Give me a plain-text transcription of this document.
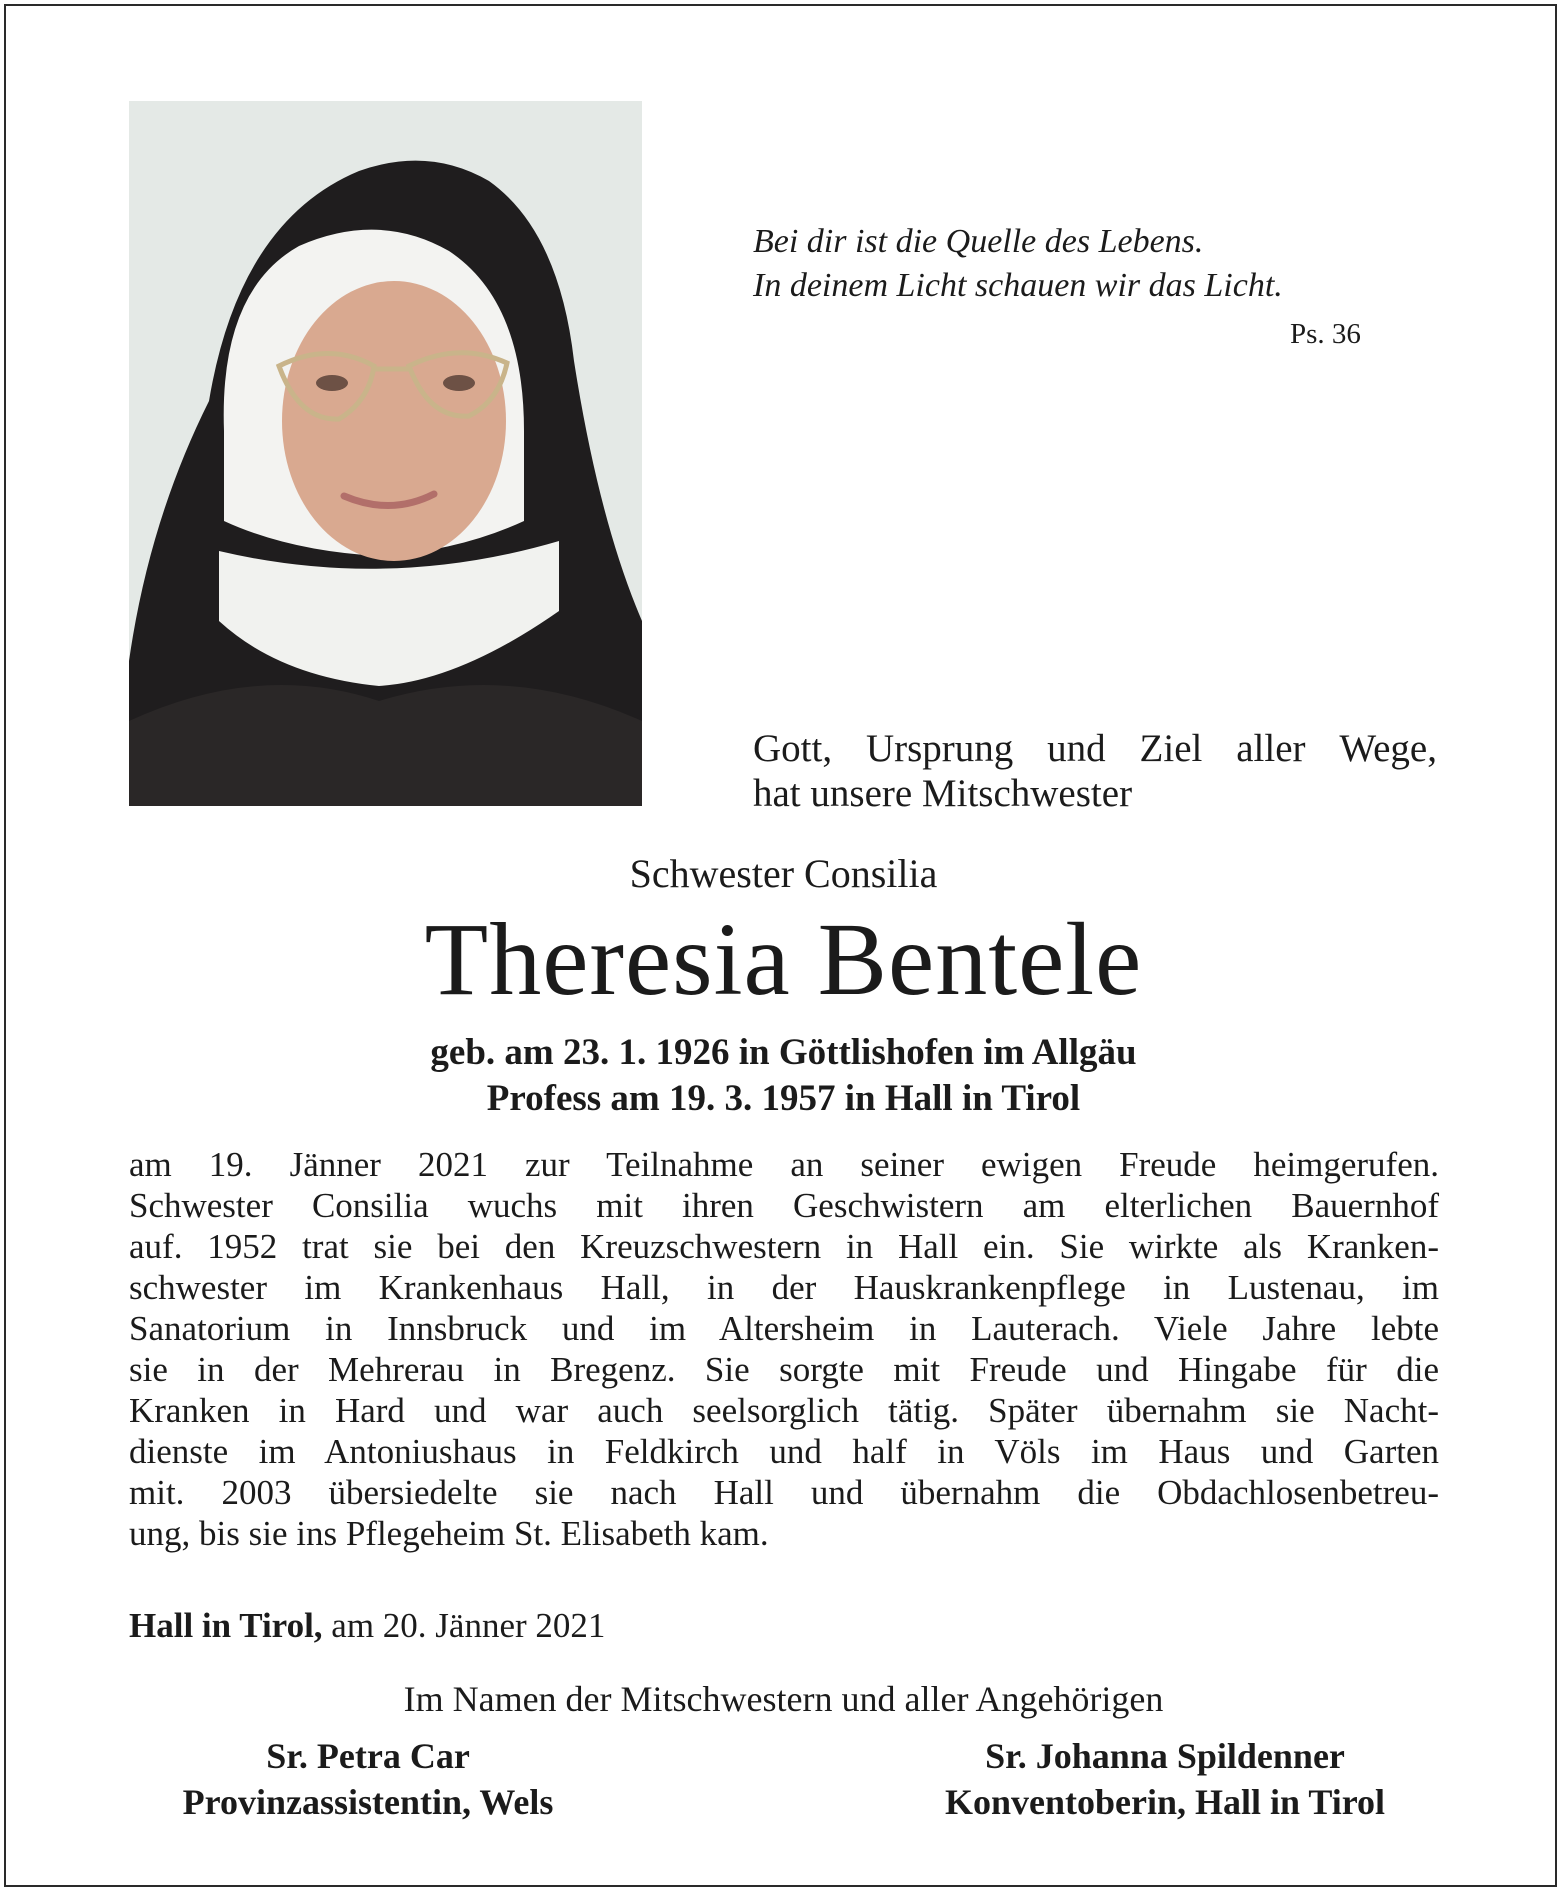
Bei dir ist die Quelle des Lebens.
In deinem Licht schauen wir das Licht.
Ps. 36
Gott, Ursprung und Ziel aller Wege,
hat unsere Mitschwester
Schwester Consilia
Theresia Bentele
geb. am 23. 1. 1926 in Göttlishofen im Allgäu
Profess am 19. 3. 1957 in Hall in Tirol
am 19. Jänner 2021 zur Teilnahme an seiner ewigen Freude heimgerufen.
Schwester Consilia wuchs mit ihren Geschwistern am elterlichen Bauernhof
auf. 1952 trat sie bei den Kreuzschwestern in Hall ein. Sie wirkte als Kranken-
schwester im Krankenhaus Hall, in der Hauskrankenpflege in Lustenau, im
Sanatorium in Innsbruck und im Altersheim in Lauterach. Viele Jahre lebte
sie in der Mehrerau in Bregenz. Sie sorgte mit Freude und Hingabe für die
Kranken in Hard und war auch seelsorglich tätig. Später übernahm sie Nacht-
dienste im Antoniushaus in Feldkirch und half in Völs im Haus und Garten
mit. 2003 übersiedelte sie nach Hall und übernahm die Obdachlosenbetreu-
ung, bis sie ins Pflegeheim St. Elisabeth kam.
Hall in Tirol, am 20. Jänner 2021
Im Namen der Mitschwestern und aller Angehörigen
Sr. Petra Car
Provinzassistentin, Wels
Sr. Johanna Spildenner
Konventoberin, Hall in Tirol
